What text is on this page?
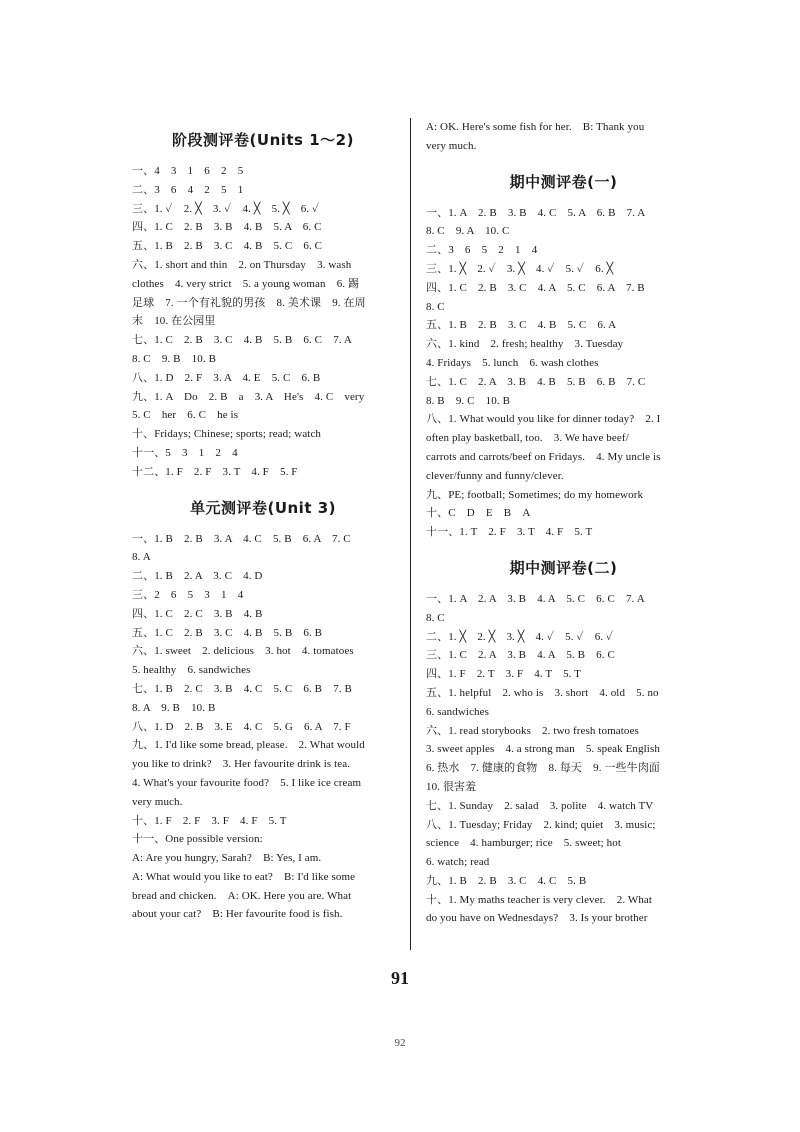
阶段测评卷(Units 1～2)
一、4　3　1　6　2　5
二、3　6　4　2　5　1
三、1. ✓　2. ╳　3. ✓　4. ╳　5. ╳　6. ✓
四、1. C　2. B　3. B　4. B　5. A　6. C
五、1. B　2. B　3. C　4. B　5. C　6. C
六、1. short and thin　2. on Thursday　3. wash
clothes　4. very strict　5. a young woman　6. 踢
足球　7. 一个有礼貌的男孩　8. 美术课　9. 在周
末　10. 在公园里
七、1. C　2. B　3. C　4. B　5. B　6. C　7. A
8. C　9. B　10. B
八、1. D　2. F　3. A　4. E　5. C　6. B
九、1. A　Do　2. B　a　3. A　He's　4. C　very
5. C　her　6. C　he is
十、Fridays; Chinese; sports; read; watch
十一、5　3　1　2　4
十二、1. F　2. F　3. T　4. F　5. F
单元测评卷(Unit 3)
一、1. B　2. B　3. A　4. C　5. B　6. A　7. C
8. A
二、1. B　2. A　3. C　4. D
三、2　6　5　3　1　4
四、1. C　2. C　3. B　4. B
五、1. C　2. B　3. C　4. B　5. B　6. B
六、1. sweet　2. delicious　3. hot　4. tomatoes
5. healthy　6. sandwiches
七、1. B　2. C　3. B　4. C　5. C　6. B　7. B
8. A　9. B　10. B
八、1. D　2. B　3. E　4. C　5. G　6. A　7. F
九、1. I'd like some bread, please.　2. What would
you like to drink?　3. Her favourite drink is tea.
4. What's your favourite food?　5. I like ice cream
very much.
十、1. F　2. F　3. F　4. F　5. T
十一、One possible version:
A: Are you hungry, Sarah?　B: Yes, I am.
A: What would you like to eat?　B: I'd like some
bread and chicken.　A: OK. Here you are. What
about your cat?　B: Her favourite food is fish.
A: OK. Here's some fish for her.　B: Thank you
very much.
期中测评卷(一)
一、1. A　2. B　3. B　4. C　5. A　6. B　7. A
8. C　9. A　10. C
二、3　6　5　2　1　4
三、1. ╳　2. ✓　3. ╳　4. ✓　5. ✓　6. ╳
四、1. C　2. B　3. C　4. A　5. C　6. A　7. B
8. C
五、1. B　2. B　3. C　4. B　5. C　6. A
六、1. kind　2. fresh; healthy　3. Tuesday
4. Fridays　5. lunch　6. wash clothes
七、1. C　2. A　3. B　4. B　5. B　6. B　7. C
8. B　9. C　10. B
八、1. What would you like for dinner today?　2. I
often play basketball, too.　3. We have beef/
carrots and carrots/beef on Fridays.　4. My uncle is
clever/funny and funny/clever.
九、PE; football; Sometimes; do my homework
十、C　D　E　B　A
十一、1. T　2. F　3. T　4. F　5. T
期中测评卷(二)
一、1. A　2. A　3. B　4. A　5. C　6. C　7. A
8. C
二、1. ╳　2. ╳　3. ╳　4. ✓　5. ✓　6. ✓
三、1. C　2. A　3. B　4. A　5. B　6. C
四、1. F　2. T　3. F　4. T　5. T
五、1. helpful　2. who is　3. short　4. old　5. no
6. sandwiches
六、1. read storybooks　2. two fresh tomatoes
3. sweet apples　4. a strong man　5. speak English
6. 热水　7. 健康的食物　8. 每天　9. 一些牛肉面
10. 很害羞
七、1. Sunday　2. salad　3. polite　4. watch TV
八、1. Tuesday; Friday　2. kind; quiet　3. music;
science　4. hamburger; rice　5. sweet; hot
6. watch; read
九、1. B　2. B　3. C　4. C　5. B
十、1. My maths teacher is very clever.　2. What
do you have on Wednesdays?　3. Is your brother
91
92
